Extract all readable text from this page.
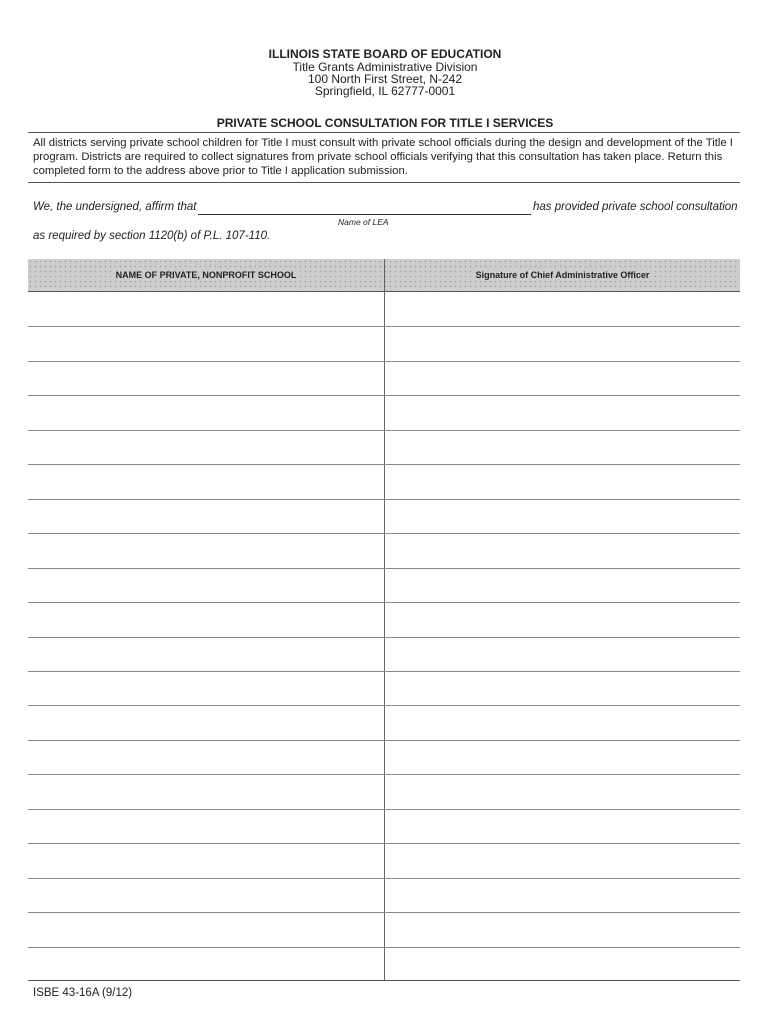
ILLINOIS STATE BOARD OF EDUCATION
Title Grants Administrative Division
100 North First Street, N-242
Springfield, IL 62777-0001
PRIVATE SCHOOL CONSULTATION FOR TITLE I SERVICES
All districts serving private school children for Title I must consult with private school officials during the design and development of the Title I program. Districts are required to collect signatures from private school officials verifying that this consultation has taken place. Return this completed form to the address above prior to Title I application submission.
We, the undersigned, affirm that	has provided private school consultation
Name of LEA
as required by section 1120(b) of P.L. 107-110.
NAME OF PRIVATE, NONPROFIT SCHOOL	Signature of Chief Administrative Officer
ISBE 43-16A (9/12)
